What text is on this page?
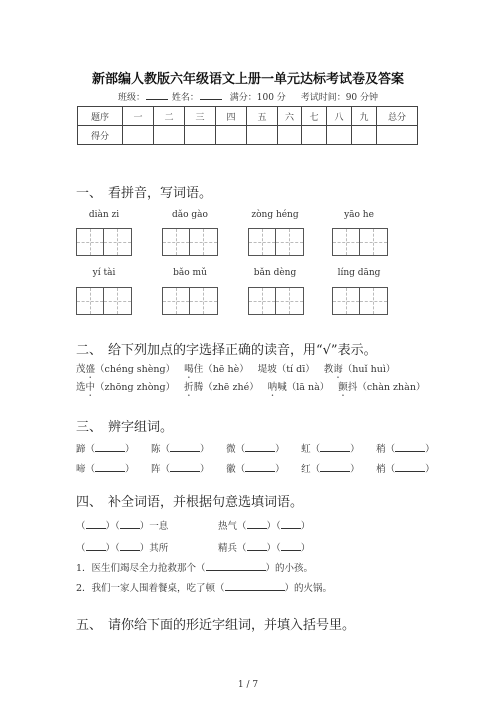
新部编人教版六年级语文上册一单元达标考试卷及答案
班级：	姓名：	满分：100 分 考试时间：90 分钟
题序	一	二	三	四	五	六	七	八	九	总分
得分										
一、 看拼音，写词语。
diàn zi	dǎo gào	zòng héng	yāo he
yí tài	bǎo mǔ	bǎn dèng	líng dāng
二、 给下列加点的字选择正确的读音，用“√”表示。
茂盛（chéng shèng） 喝住（hē hè） 堤坡（tí dī） 教诲（huǐ huì）
选中（zhōng zhòng） 折腾（zhē zhé） 呐喊（lā nà） 颤抖（chàn zhàn）
三、 辨字组词。
蹄（	） 陈（	） 微（	） 虹（	） 稍（	）
啼（	） 阵（	） 徽（	） 红（	） 梢（	）
四、 补全词语，并根据句意选填词语。
（ ）（ ）一息	热气（ ）（ ）
（ ）（ ）其所	精兵（ ）（ ）
1．医生们竭尽全力抢救那个（	）的小孩。
2．我们一家人围着餐桌，吃了顿（	）的火锅。
五、 请你给下面的形近字组词，并填入括号里。
1 / 7
